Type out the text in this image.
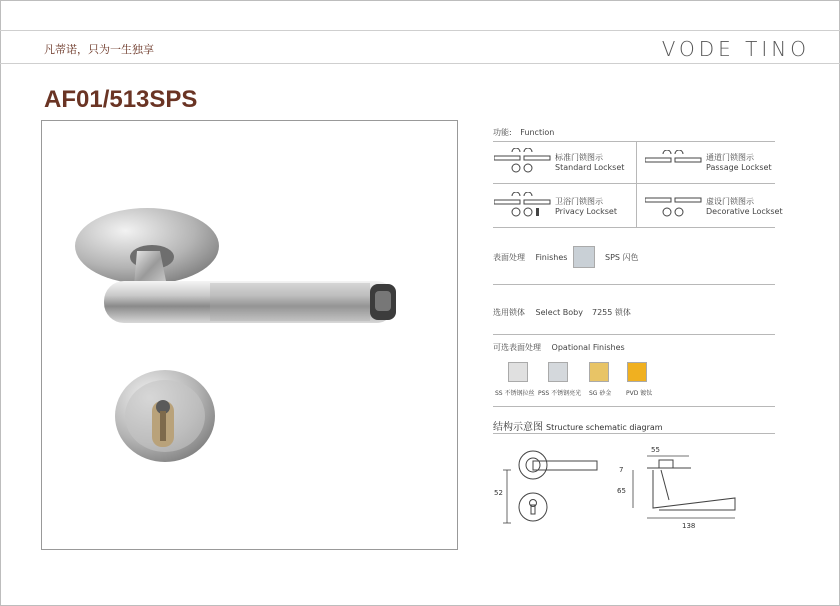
凡蒂诺，只为一生独享	VODE TINO
AF01/513SPS
功能: Function
标准门锁图示
Standard Lockset
通道门锁图示
Passage Lockset
卫浴门锁图示
Privacy Lockset
虚设门锁图示
Decorative Lockset
表面处理 Finishes	SPS 闪色
选用锁体 Select Boby 7255 锁体
可选表面处理 Opational Finishes
SS 不锈钢拉丝 PSS 不锈钢亮光 SG 砂金 PVD 镀钛
结构示意图 Structure schematic diagram
52
55
7
65
138
